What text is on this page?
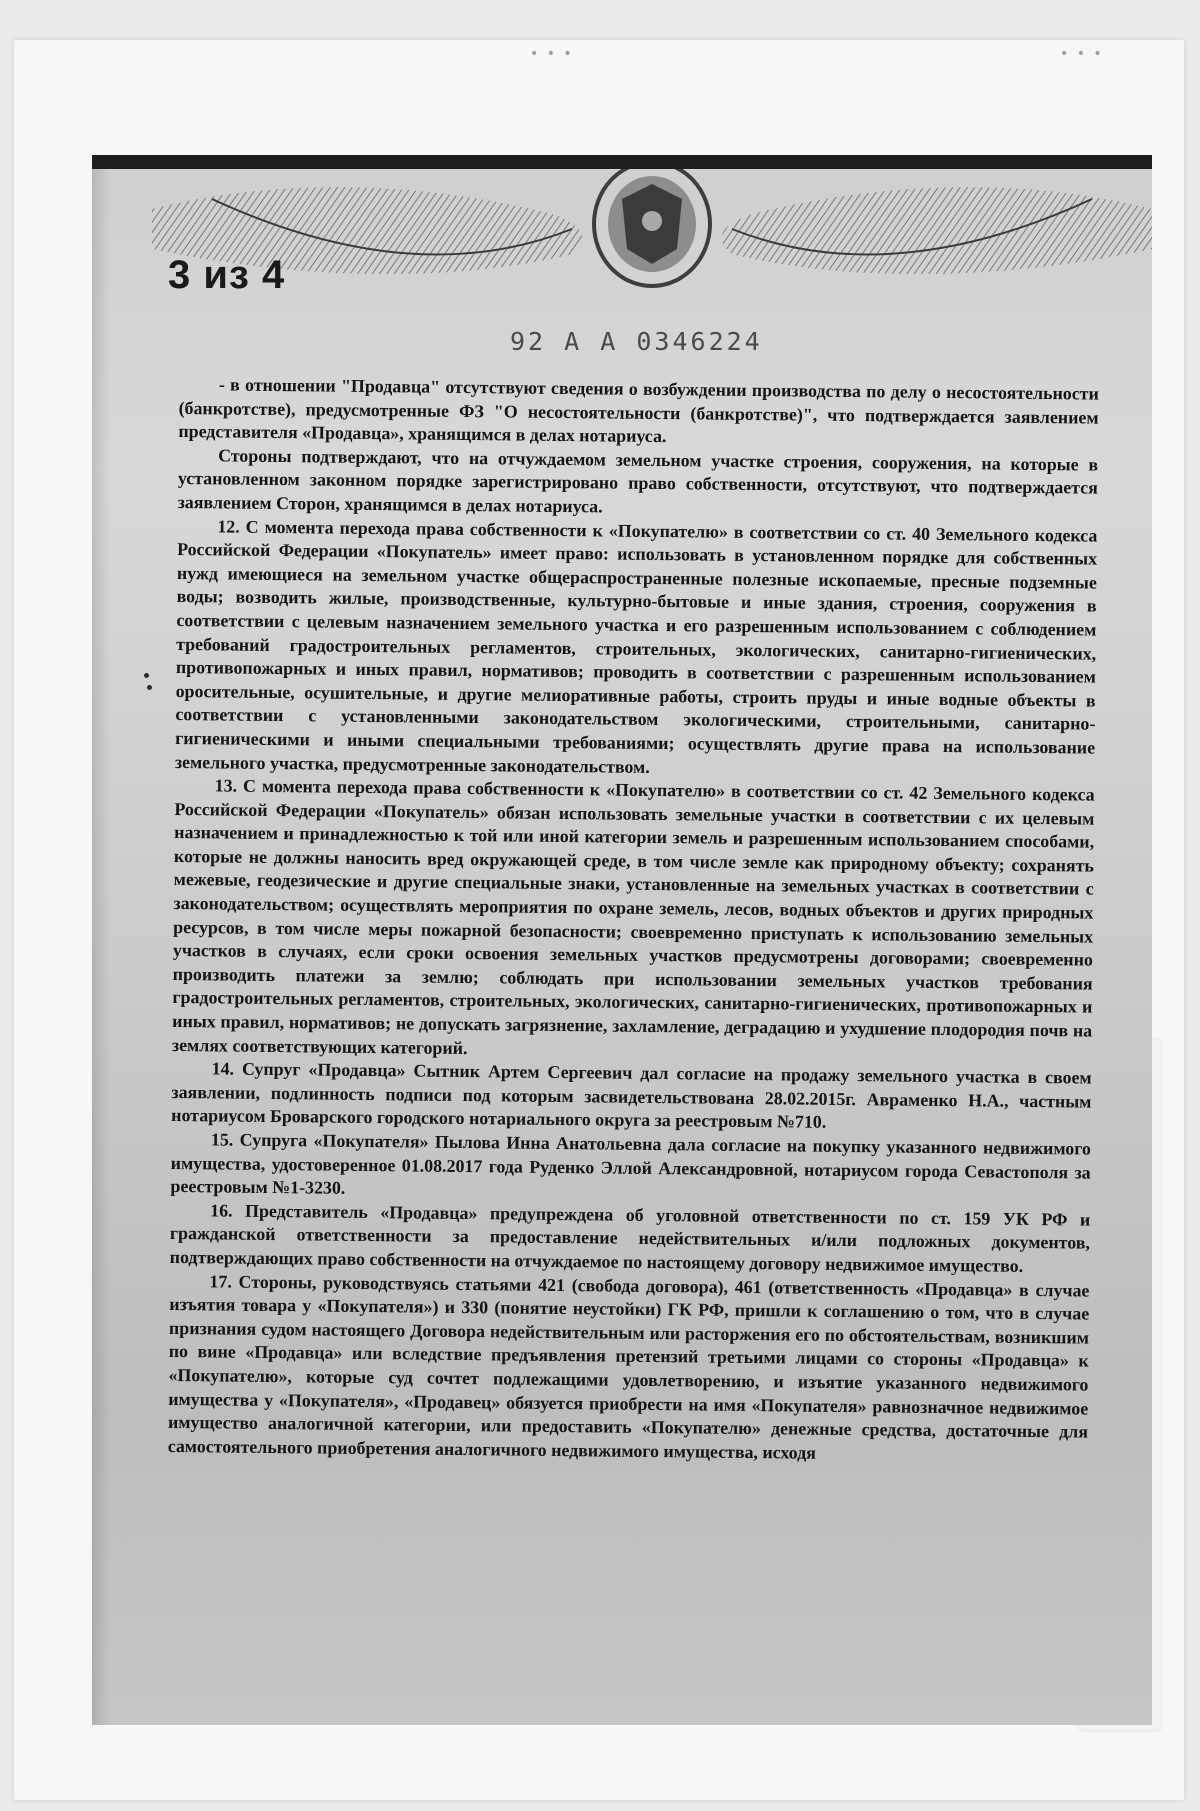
• • •	• • •
3 из 4
92 А А 0346224

- в отношении "Продавца" отсутствуют сведения о возбуждении производства по делу о несостоятельности (банкротстве), предусмотренные ФЗ "О несостоятельности (банкротстве)", что подтверждается заявлением представителя «Продавца», хранящимся в делах нотариуса.

Стороны подтверждают, что на отчуждаемом земельном участке строения, сооружения, на которые в установленном законном порядке зарегистрировано право собственности, отсутствуют, что подтверждается заявлением Сторон, хранящимся в делах нотариуса.

12. С момента перехода права собственности к «Покупателю» в соответствии со ст. 40 Земельного кодекса Российской Федерации «Покупатель» имеет право: использовать в установленном порядке для собственных нужд имеющиеся на земельном участке общераспространенные полезные ископаемые, пресные подземные воды; возводить жилые, производственные, культурно-бытовые и иные здания, строения, сооружения в соответствии с целевым назначением земельного участка и его разрешенным использованием с соблюдением требований градостроительных регламентов, строительных, экологических, санитарно-гигиенических, противопожарных и иных правил, нормативов; проводить в соответствии с разрешенным использованием оросительные, осушительные, и другие мелиоративные работы, строить пруды и иные водные объекты в соответствии с установленными законодательством экологическими, строительными, санитарно-гигиеническими и иными специальными требованиями; осуществлять другие права на использование земельного участка, предусмотренные законодательством.

13. С момента перехода права собственности к «Покупателю» в соответствии со ст. 42 Земельного кодекса Российской Федерации «Покупатель» обязан использовать земельные участки в соответствии с их целевым назначением и принадлежностью к той или иной категории земель и разрешенным использованием способами, которые не должны наносить вред окружающей среде, в том числе земле как природному объекту; сохранять межевые, геодезические и другие специальные знаки, установленные на земельных участках в соответствии с законодательством; осуществлять мероприятия по охране земель, лесов, водных объектов и других природных ресурсов, в том числе меры пожарной безопасности; своевременно приступать к использованию земельных участков в случаях, если сроки освоения земельных участков предусмотрены договорами; своевременно производить платежи за землю; соблюдать при использовании земельных участков требования градостроительных регламентов, строительных, экологических, санитарно-гигиенических, противопожарных и иных правил, нормативов; не допускать загрязнение, захламление, деградацию и ухудшение плодородия почв на землях соответствующих категорий.

14. Супруг «Продавца» Сытник Артем Сергеевич дал согласие на продажу земельного участка в своем заявлении, подлинность подписи под которым засвидетельствована 28.02.2015г. Авраменко Н.А., частным нотариусом Броварского городского нотариального округа за реестровым №710.

15. Супруга «Покупателя» Пылова Инна Анатольевна дала согласие на покупку указанного недвижимого имущества, удостоверенное 01.08.2017 года Руденко Эллой Александровной, нотариусом города Севастополя за реестровым №1-3230.

16. Представитель «Продавца» предупреждена об уголовной ответственности по ст. 159 УК РФ и гражданской ответственности за предоставление недействительных и/или подложных документов, подтверждающих право собственности на отчуждаемое по настоящему договору недвижимое имущество.

17. Стороны, руководствуясь статьями 421 (свобода договора), 461 (ответственность «Продавца» в случае изъятия товара у «Покупателя») и 330 (понятие неустойки) ГК РФ, пришли к соглашению о том, что в случае признания судом настоящего Договора недействительным или расторжения его по обстоятельствам, возникшим по вине «Продавца» или вследствие предъявления претензий третьими лицами со стороны «Продавца» к «Покупателю», которые суд сочтет подлежащими удовлетворению, и изъятие указанного недвижимого имущества у «Покупателя», «Продавец» обязуется приобрести на имя «Покупателя» равнозначное недвижимое имущество аналогичной категории, или предоставить «Покупателю» денежные средства, достаточные для самостоятельного приобретения аналогичного недвижимого имущества, исходя
